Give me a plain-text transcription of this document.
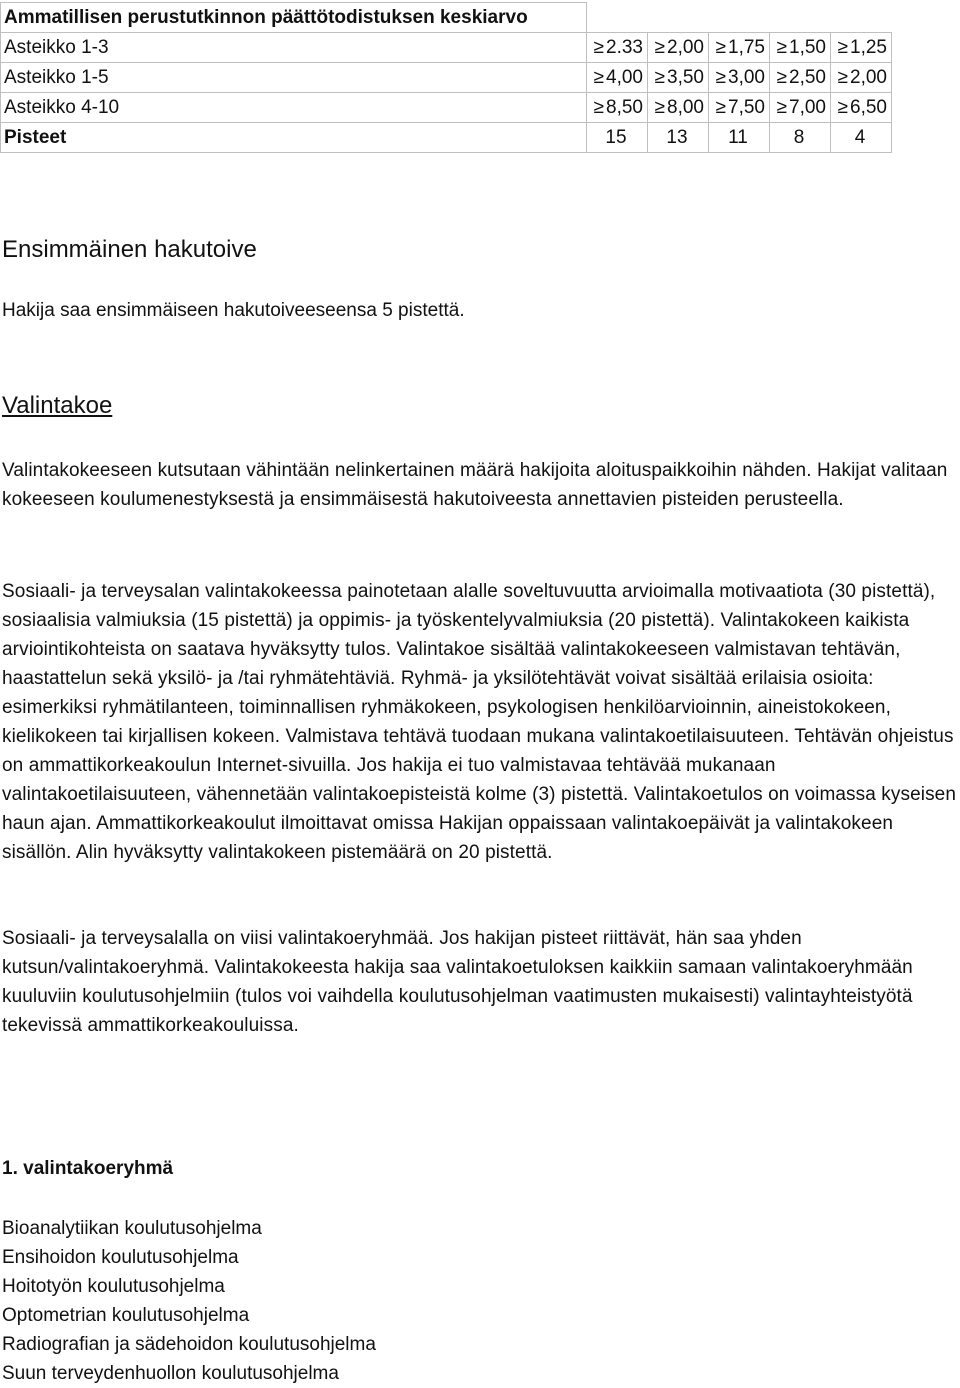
Ammatillisen perustutkinnon päättötodistuksen keskiarvo					
Asteikko 1-3	≥ 2.33	≥ 2,00	≥ 1,75	≥ 1,50	≥ 1,25
Asteikko 1-5	≥ 4,00	≥ 3,50	≥ 3,00	≥ 2,50	≥ 2,00
Asteikko 4-10	≥ 8,50	≥ 8,00	≥ 7,50	≥ 7,00	≥ 6,50
Pisteet	15	13	11	8	4
Ensimmäinen hakutoive
Hakija saa ensimmäiseen hakutoiveeseensa 5 pistettä.
Valintakoe
Valintakokeeseen kutsutaan vähintään nelinkertainen määrä hakijoita aloituspaikkoihin nähden. Hakijat valitaan kokeeseen koulumenestyksestä ja ensimmäisestä hakutoiveesta annettavien pisteiden perusteella.
Sosiaali- ja terveysalan valintakokeessa painotetaan alalle soveltuvuutta arvioimalla motivaatiota (30 pistettä), sosiaalisia valmiuksia (15 pistettä) ja oppimis- ja työskentelyvalmiuksia (20 pistettä). Valintakokeen kaikista arviointikohteista on saatava hyväksytty tulos. Valintakoe sisältää valintakokeeseen valmistavan tehtävän, haastattelun sekä yksilö- ja /tai ryhmätehtäviä. Ryhmä- ja yksilötehtävät voivat sisältää erilaisia osioita: esimerkiksi ryhmätilanteen, toiminnallisen ryhmäkokeen, psykologisen henkilöarvioinnin, aineistokokeen, kielikokeen tai kirjallisen kokeen. Valmistava tehtävä tuodaan mukana valintakoetilaisuuteen. Tehtävän ohjeistus on ammattikorkeakoulun Internet-sivuilla. Jos hakija ei tuo valmistavaa tehtävää mukanaan valintakoetilaisuuteen, vähennetään valintakoepisteistä kolme (3) pistettä. Valintakoetulos on voimassa kyseisen haun ajan. Ammattikorkeakoulut ilmoittavat omissa Hakijan oppaissaan valintakoepäivät ja valintakokeen sisällön. Alin hyväksytty valintakokeen pistemäärä on 20 pistettä.
Sosiaali- ja terveysalalla on viisi valintakoeryhmää. Jos hakijan pisteet riittävät, hän saa yhden kutsun/valintakoeryhmä. Valintakokeesta hakija saa valintakoetuloksen kaikkiin samaan valintakoeryhmään kuuluviin koulutusohjelmiin (tulos voi vaihdella koulutusohjelman vaatimusten mukaisesti) valintayhteistyötä tekevissä ammattikorkeakouluissa.
1. valintakoeryhmä
Bioanalytiikan koulutusohjelma
Ensihoidon koulutusohjelma
Hoitotyön koulutusohjelma
Optometrian koulutusohjelma
Radiografian ja sädehoidon koulutusohjelma
Suun terveydenhuollon koulutusohjelma
